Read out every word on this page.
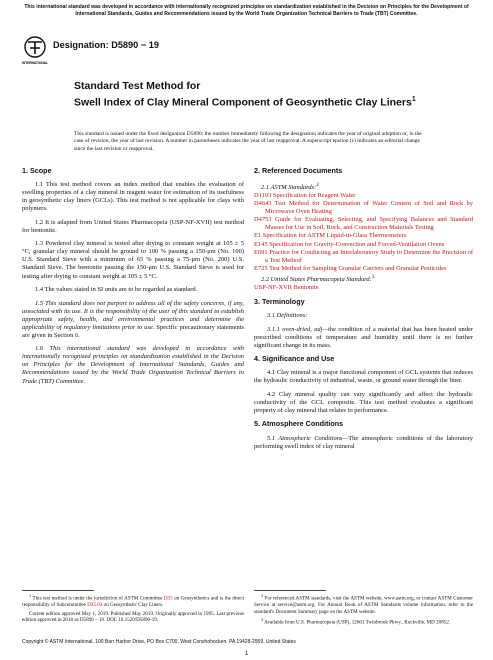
This international standard was developed in accordance with internationally recognized principles on standardization established in the Decision on Principles for the Development of International Standards, Guides and Recommendations issued by the World Trade Organization Technical Barriers to Trade (TBT) Committee.
INTERNATIONAL
Designation: D5890 − 19
Standard Test Method for
Swell Index of Clay Mineral Component of Geosynthetic Clay Liners$^1$
This standard is issued under the fixed designation D5890; the number immediately following the designation indicates the year of original adoption or, in the case of revision, the year of last revision. A number in parentheses indicates the year of last reapproval. A superscript epsilon (ε) indicates an editorial change since the last revision or reapproval.
1. Scope

1.1 This test method covers an index method that enables the evaluation of swelling properties of a clay mineral in reagent water for estimation of its usefulness in geosynthetic clay liners (GCLs). This test method is not applicable for clays with polymers.

1.2 It is adapted from United States Pharmacopeia (USP-NF-XVII) test method for bentonite.

1.3 Powdered clay mineral is tested after drying to constant weight at 105 ± 5 °C; granular clay mineral should be ground to 100 % passing a 150-μm (No. 100) U.S. Standard Sieve with a minimum of 65 % passing a 75-μm (No. 200) U.S. Standard Sieve. The bentonite passing the 150-μm U.S. Standard Sieve is used for testing after drying to constant weight at 105 ± 5 °C.

1.4 The values stated in SI units are to be regarded as standard.

1.5 This standard does not purport to address all of the safety concerns, if any, associated with its use. It is the responsibility of the user of this standard to establish appropriate safety, health, and environmental practices and determine the applicability of regulatory limitations prior to use. Specific precautionary statements are given in Section 8.

1.6 This international standard was developed in accordance with internationally recognized principles on standardization established in the Decision on Principles for the Development of International Standards, Guides and Recommendations issued by the World Trade Organization Technical Barriers to Trade (TBT) Committee.

2. Referenced Documents

2.1 ASTM Standards:$^2$

D1193 Specification for Reagent Water

D4643 Test Method for Determination of Water Content of Soil and Rock by Microwave Oven Heating

D4753 Guide for Evaluating, Selecting, and Specifying Balances and Standard Masses for Use in Soil, Rock, and Construction Materials Testing

E1 Specification for ASTM Liquid-in-Glass Thermometers

E145 Specification for Gravity-Convection and Forced-Ventilation Ovens

E691 Practice for Conducting an Interlaboratory Study to Determine the Precision of a Test Method

E725 Test Method for Sampling Granular Carriers and Granular Pesticides

2.2 United States Pharmacopeia Standard:$^3$

USP-NF-XVII Bentonite

3. Terminology

3.1 Definitions:

3.1.1 oven-dried, adj—the condition of a material that has been heated under prescribed conditions of temperature and humidity until there is no further significant change in its mass.

4. Significance and Use

4.1 Clay mineral is a major functional component of GCL systems that reduces the hydraulic conductivity of industrial, waste, or ground water through the liner.

4.2 Clay mineral quality can vary significantly and affect the hydraulic conductivity of the GCL composite. This test method evaluates a significant property of clay mineral that relates to performance.

5. Atmosphere Conditions

5.1 Atmospheric Conditions—The atmospheric conditions of the laboratory performing swell index of clay mineral

$^1$ This test method is under the jurisdiction of ASTM Committee D35 on Geosynthetics and is the direct responsibility of Subcommittee D35.04 on Geosynthetic Clay Liners.

Current edition approved May 1, 2019. Published May 2019. Originally approved in 1995. Last previous edition approved in 2018 as D5890 – 18. DOI: 10.1520/D5890-19.

$^2$ For referenced ASTM standards, visit the ASTM website, www.astm.org, or contact ASTM Customer Service at service@astm.org. For Annual Book of ASTM Standards volume information, refer to the standard's Document Summary page on the ASTM website.

$^3$ Available from U.S. Pharmacopeia (USP), 12601 Twinbrook Pkwy., Rockville, MD 20852.

Copyright © ASTM International, 100 Barr Harbor Drive, PO Box C700, West Conshohocken, PA 19428-2959. United States
1
